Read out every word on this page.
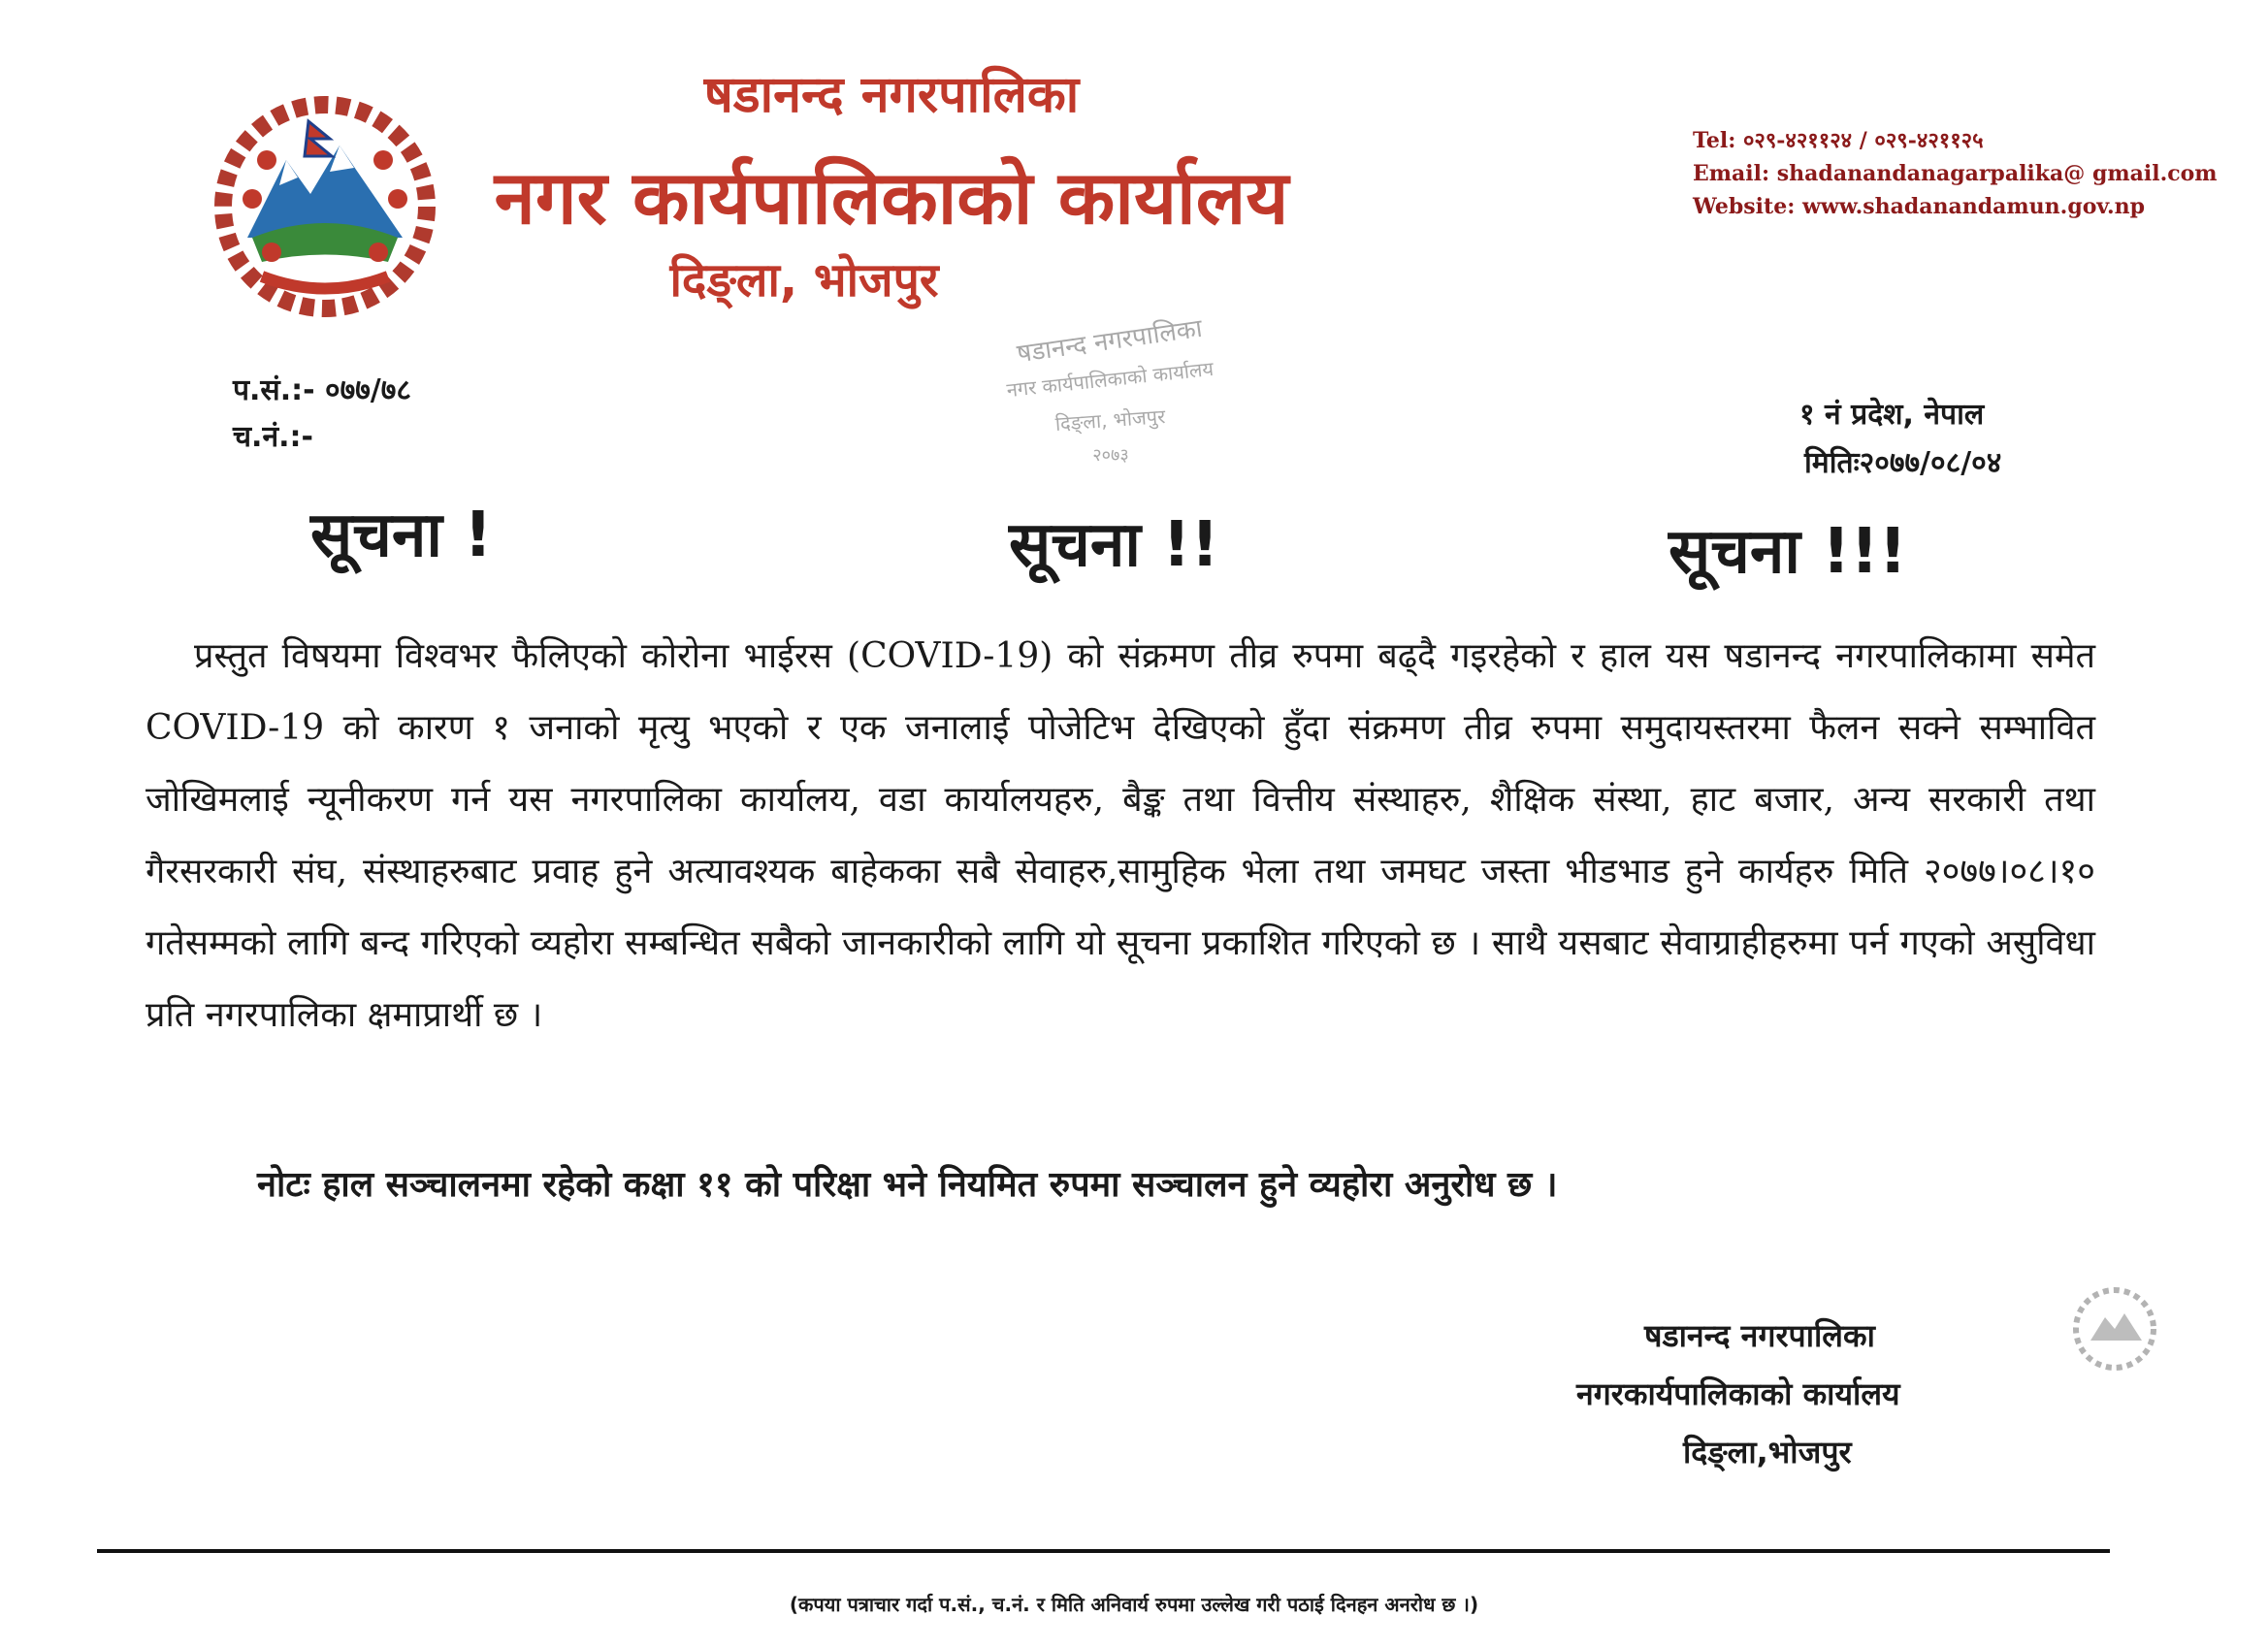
षडानन्द नगरपालिका
नगर कार्यपालिकाको कार्यालय
दिङ्ला, भोजपुर
Tel: ०२९-४२११२४ / ०२९-४२११२५
Email: shadanandanagarpalika@ gmail.com
Website: www.shadanandamun.gov.np
प.सं.:- ०७७/७८
च.नं.:-
षडानन्द नगरपालिका
नगर कार्यपालिकाको कार्यालय
दिङ्ला, भोजपुर
२०७३
१ नं प्रदेश, नेपाल
मितिः२०७७/०८/०४
सूचना !	सूचना !!	सूचना !!!
प्रस्तुत विषयमा विश्वभर फैलिएको कोरोना भाईरस (COVID-19) को संक्रमण तीव्र रुपमा बढ्दै गइरहेको र हाल यस षडानन्द नगरपालिकामा समेत COVID-19 को कारण १ जनाको मृत्यु भएको र एक जनालाई पोजेटिभ देखिएको हुँदा संक्रमण तीव्र रुपमा समुदायस्तरमा फैलन सक्ने सम्भावित जोखिमलाई न्यूनीकरण गर्न यस नगरपालिका कार्यालय, वडा कार्यालयहरु, बैङ्क तथा वित्तीय संस्थाहरु, शैक्षिक संस्था, हाट बजार, अन्य सरकारी तथा गैरसरकारी संघ, संस्थाहरुबाट प्रवाह हुने अत्यावश्यक बाहेकका सबै सेवाहरु,सामुहिक भेला तथा जमघट जस्ता भीडभाड हुने कार्यहरु मिति २०७७।०८।१० गतेसम्मको लागि बन्द गरिएको व्यहोरा सम्बन्धित सबैको जानकारीको लागि यो सूचना प्रकाशित गरिएको छ । साथै यसबाट सेवाग्राहीहरुमा पर्न गएको असुविधा प्रति नगरपालिका क्षमाप्रार्थी छ ।
नोटः हाल सञ्चालनमा रहेको कक्षा ११ को परिक्षा भने नियमित रुपमा सञ्चालन हुने व्यहोरा अनुरोध छ ।
षडानन्द नगरपालिका
नगरकार्यपालिकाको कार्यालय
दिङ्ला,भोजपुर
(कपया पत्राचार गर्दा प.सं., च.नं. र मिति अनिवार्य रुपमा उल्लेख गरी पठाई दिनहन अनरोध छ ।)
